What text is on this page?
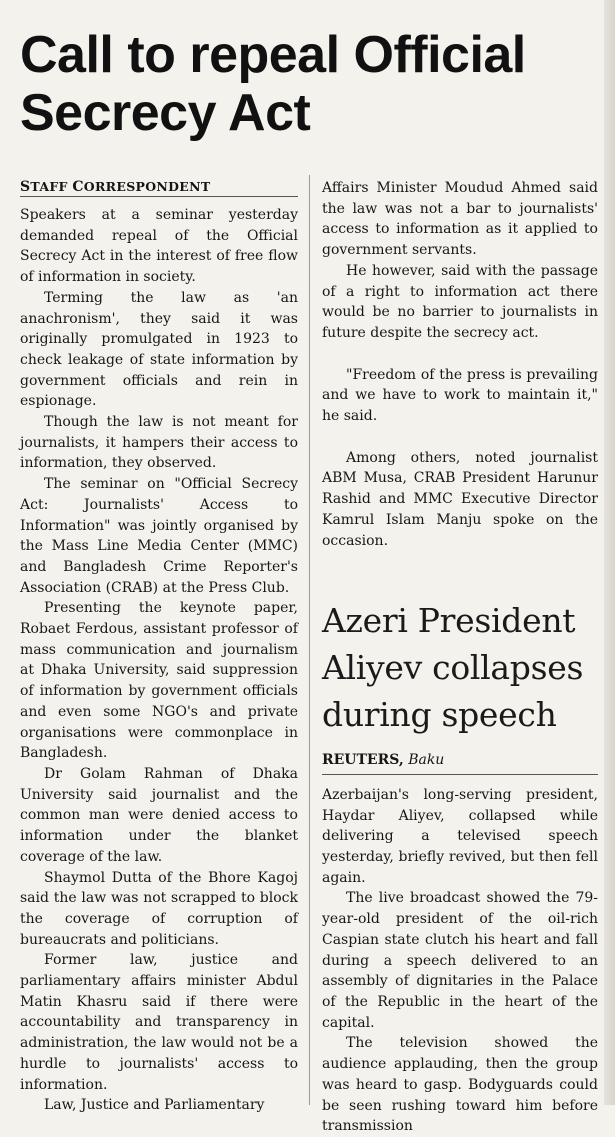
Call to repeal Official
Secrecy Act
STAFF CORRESPONDENT

Speakers at a seminar yesterday demanded repeal of the Official Secrecy Act in the interest of free flow of information in society.

Terming the law as 'an anachronism', they said it was originally promulgated in 1923 to check leakage of state information by government officials and rein in espionage.

Though the law is not meant for journalists, it hampers their access to information, they observed.

The seminar on "Official Secrecy Act: Journalists' Access to Information" was jointly organised by the Mass Line Media Center (MMC) and Bangladesh Crime Reporter's Association (CRAB) at the Press Club.

Presenting the keynote paper, Robaet Ferdous, assistant professor of mass communication and journalism at Dhaka University, said suppression of information by government officials and even some NGO's and private organisations were commonplace in Bangladesh.

Dr Golam Rahman of Dhaka University said journalist and the common man were denied access to information under the blanket coverage of the law.

Shaymol Dutta of the Bhore Kagoj said the law was not scrapped to block the coverage of corruption of bureaucrats and politicians.

Former law, justice and parliamentary affairs minister Abdul Matin Khasru said if there were accountability and transparency in administration, the law would not be a hurdle to journalists' access to information.

Law, Justice and Parliamentary

Affairs Minister Moudud Ahmed said the law was not a bar to journalists' access to information as it applied to government servants.

He however, said with the passage of a right to information act there would be no barrier to journalists in future despite the secrecy act.

"Freedom of the press is prevailing and we have to work to maintain it," he said.

Among others, noted journalist ABM Musa, CRAB President Harunur Rashid and MMC Executive Director Kamrul Islam Manju spoke on the occasion.

Azeri President Aliyev collapses during speech
REUTERS, Baku

Azerbaijan's long-serving president, Haydar Aliyev, collapsed while delivering a televised speech yesterday, briefly revived, but then fell again.

The live broadcast showed the 79-year-old president of the oil-rich Caspian state clutch his heart and fall during a speech delivered to an assembly of dignitaries in the Palace of the Republic in the heart of the capital.

The television showed the audience applauding, then the group was heard to gasp. Bodyguards could be seen rushing toward him before transmission
